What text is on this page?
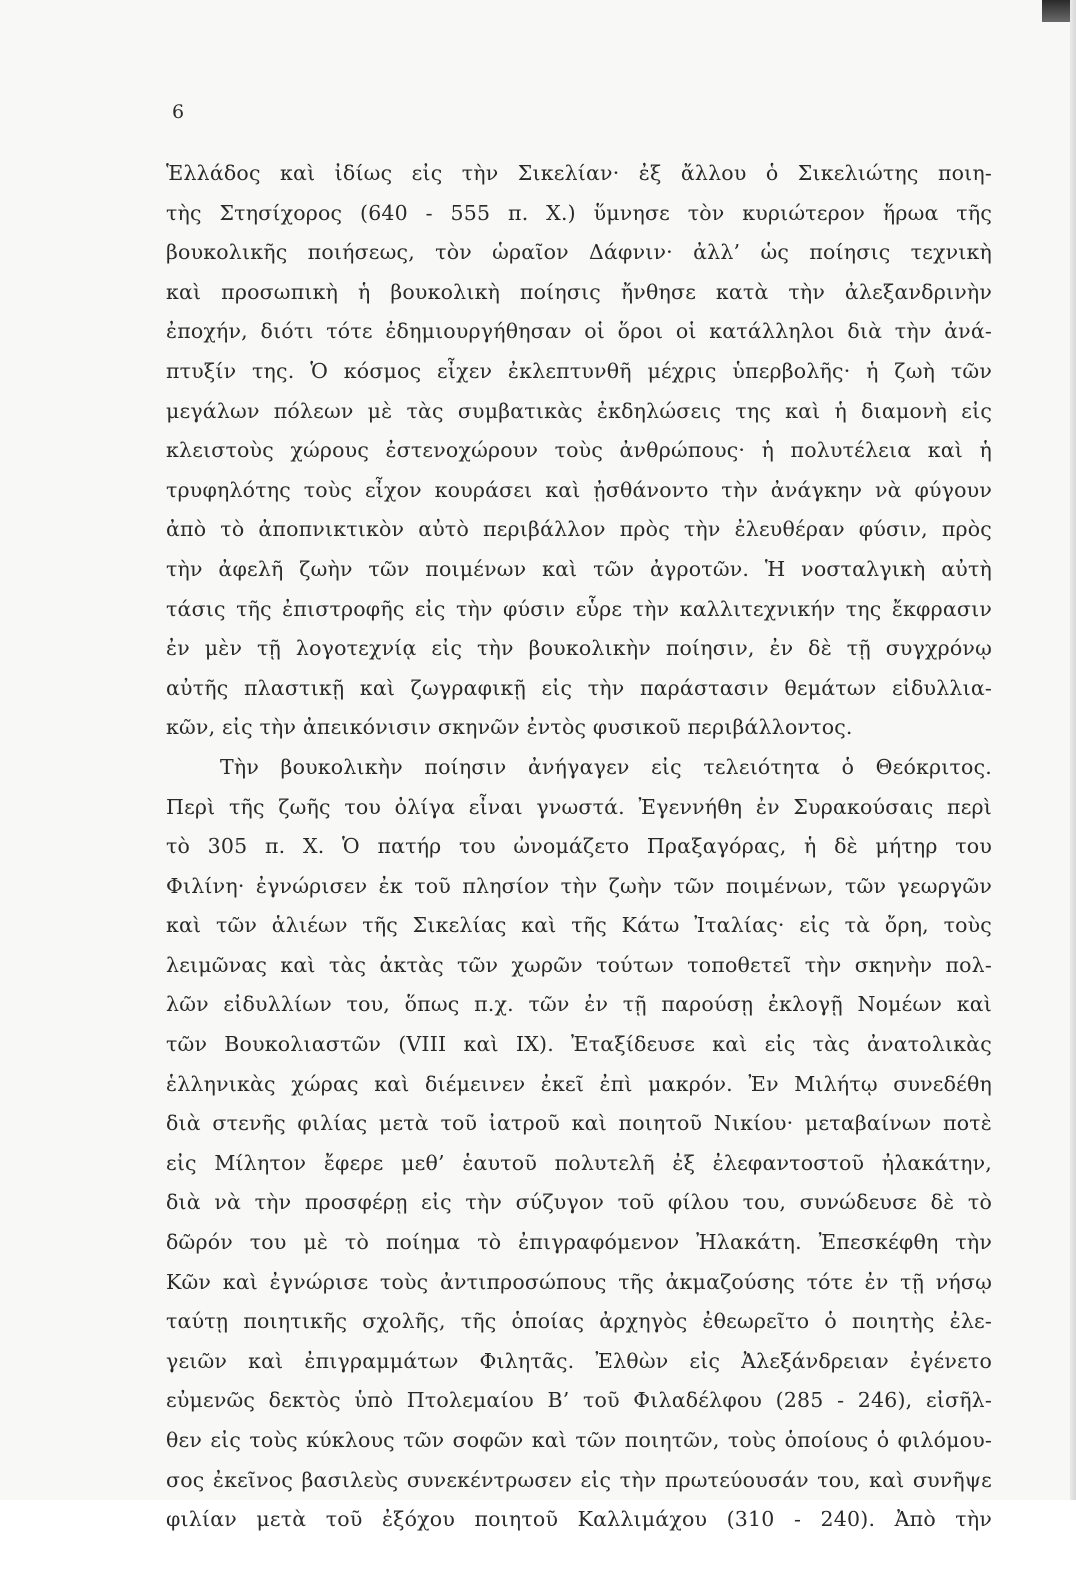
6
Ἑλλάδος καὶ ἰδίως εἰς τὴν Σικελίαν· ἐξ ἄλλου ὁ Σικελιώτης ποιη-
τὴς Στησίχορος (640 - 555 π. Χ.) ὕμνησε τὸν κυριώτερον ἥρωα τῆς
βουκολικῆς ποιήσεως, τὸν ὡραῖον Δάφνιν· ἀλλ’ ὡς ποίησις τεχνικὴ
καὶ προσωπικὴ ἡ βουκολικὴ ποίησις ἤνθησε κατὰ τὴν ἀλεξανδρινὴν
ἐποχήν, διότι τότε ἐδημιουργήθησαν οἱ ὅροι οἱ κατάλληλοι διὰ τὴν ἀνά-
πτυξίν της. Ὁ κόσμος εἶχεν ἐκλεπτυνθῆ μέχρις ὑπερβολῆς· ἡ ζωὴ τῶν
μεγάλων πόλεων μὲ τὰς συμβατικὰς ἐκδηλώσεις της καὶ ἡ διαμονὴ εἰς
κλειστοὺς χώρους ἐστενοχώρουν τοὺς ἀνθρώπους· ἡ πολυτέλεια καὶ ἡ
τρυφηλότης τοὺς εἶχον κουράσει καὶ ᾐσθάνοντο τὴν ἀνάγκην νὰ φύγουν
ἀπὸ τὸ ἀποπνικτικὸν αὐτὸ περιβάλλον πρὸς τὴν ἐλευθέραν φύσιν, πρὸς
τὴν ἀφελῆ ζωὴν τῶν ποιμένων καὶ τῶν ἀγροτῶν. Ἡ νοσταλγικὴ αὐτὴ
τάσις τῆς ἐπιστροφῆς εἰς τὴν φύσιν εὗρε τὴν καλλιτεχνικήν της ἔκφρασιν
ἐν μὲν τῇ λογοτεχνίᾳ εἰς τὴν βουκολικὴν ποίησιν, ἐν δὲ τῇ συγχρόνῳ
αὐτῆς πλαστικῇ καὶ ζωγραφικῇ εἰς τὴν παράστασιν θεμάτων εἰδυλλια-
κῶν, εἰς τὴν ἀπεικόνισιν σκηνῶν ἐντὸς φυσικοῦ περιβάλλοντος.
Τὴν βουκολικὴν ποίησιν ἀνήγαγεν εἰς τελειότητα ὁ Θεόκριτος.
Περὶ τῆς ζωῆς του ὀλίγα εἶναι γνωστά. Ἐγεννήθη ἐν Συρακούσαις περὶ
τὸ 305 π. Χ. Ὁ πατήρ του ὠνομάζετο Πραξαγόρας, ἡ δὲ μήτηρ του
Φιλίνη· ἐγνώρισεν ἐκ τοῦ πλησίον τὴν ζωὴν τῶν ποιμένων, τῶν γεωργῶν
καὶ τῶν ἁλιέων τῆς Σικελίας καὶ τῆς Κάτω Ἰταλίας· εἰς τὰ ὄρη, τοὺς
λειμῶνας καὶ τὰς ἀκτὰς τῶν χωρῶν τούτων τοποθετεῖ τὴν σκηνὴν πολ-
λῶν εἰδυλλίων του, ὅπως π.χ. τῶν ἐν τῇ παρούσῃ ἐκλογῇ Νομέων καὶ
τῶν Βουκολιαστῶν (VIII καὶ IX). Ἐταξίδευσε καὶ εἰς τὰς ἀνατολικὰς
ἑλληνικὰς χώρας καὶ διέμεινεν ἐκεῖ ἐπὶ μακρόν. Ἐν Μιλήτῳ συνεδέθη
διὰ στενῆς φιλίας μετὰ τοῦ ἰατροῦ καὶ ποιητοῦ Νικίου· μεταβαίνων ποτὲ
εἰς Μίλητον ἔφερε μεθ’ ἑαυτοῦ πολυτελῆ ἐξ ἐλεφαντοστοῦ ἠλακάτην,
διὰ νὰ τὴν προσφέρῃ εἰς τὴν σύζυγον τοῦ φίλου του, συνώδευσε δὲ τὸ
δῶρόν του μὲ τὸ ποίημα τὸ ἐπιγραφόμενον Ἠλακάτη. Ἐπεσκέφθη τὴν
Κῶν καὶ ἐγνώρισε τοὺς ἀντιπροσώπους τῆς ἀκμαζούσης τότε ἐν τῇ νήσῳ
ταύτῃ ποιητικῆς σχολῆς, τῆς ὁποίας ἀρχηγὸς ἐθεωρεῖτο ὁ ποιητὴς ἐλε-
γειῶν καὶ ἐπιγραμμάτων Φιλητᾶς. Ἐλθὼν εἰς Ἀλεξάνδρειαν ἐγένετο
εὐμενῶς δεκτὸς ὑπὸ Πτολεμαίου Β’ τοῦ Φιλαδέλφου (285 - 246), εἰσῆλ-
θεν εἰς τοὺς κύκλους τῶν σοφῶν καὶ τῶν ποιητῶν, τοὺς ὁποίους ὁ φιλόμου-
σος ἐκεῖνος βασιλεὺς συνεκέντρωσεν εἰς τὴν πρωτεύουσάν του, καὶ συνῆψε
φιλίαν μετὰ τοῦ ἐξόχου ποιητοῦ Καλλιμάχου (310 - 240). Ἀπὸ τὴν
